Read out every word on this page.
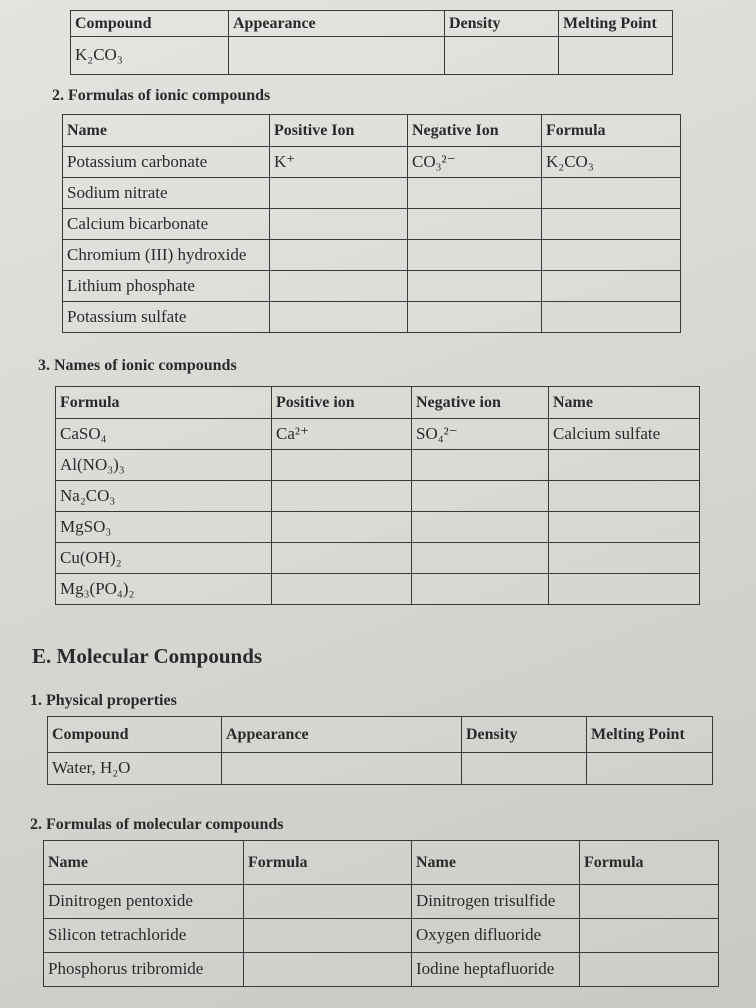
Compound	Appearance	Density	Melting Point
K₂CO₃			
2. Formulas of ionic compounds
Name	Positive Ion	Negative Ion	Formula
Potassium carbonate	K⁺	CO₃²⁻	K₂CO₃
Sodium nitrate			
Calcium bicarbonate			
Chromium (III) hydroxide			
Lithium phosphate			
Potassium sulfate			
3. Names of ionic compounds
Formula	Positive ion	Negative ion	Name
CaSO₄	Ca²⁺	SO₄²⁻	Calcium sulfate
Al(NO₃)₃			
Na₂CO₃			
MgSO₃			
Cu(OH)₂			
Mg₃(PO₄)₂			
E. Molecular Compounds
1. Physical properties
Compound	Appearance	Density	Melting Point
Water, H₂O			
2. Formulas of molecular compounds
Name	Formula	Name	Formula
Dinitrogen pentoxide		Dinitrogen trisulfide	
Silicon tetrachloride		Oxygen difluoride	
Phosphorus tribromide		Iodine heptafluoride	
